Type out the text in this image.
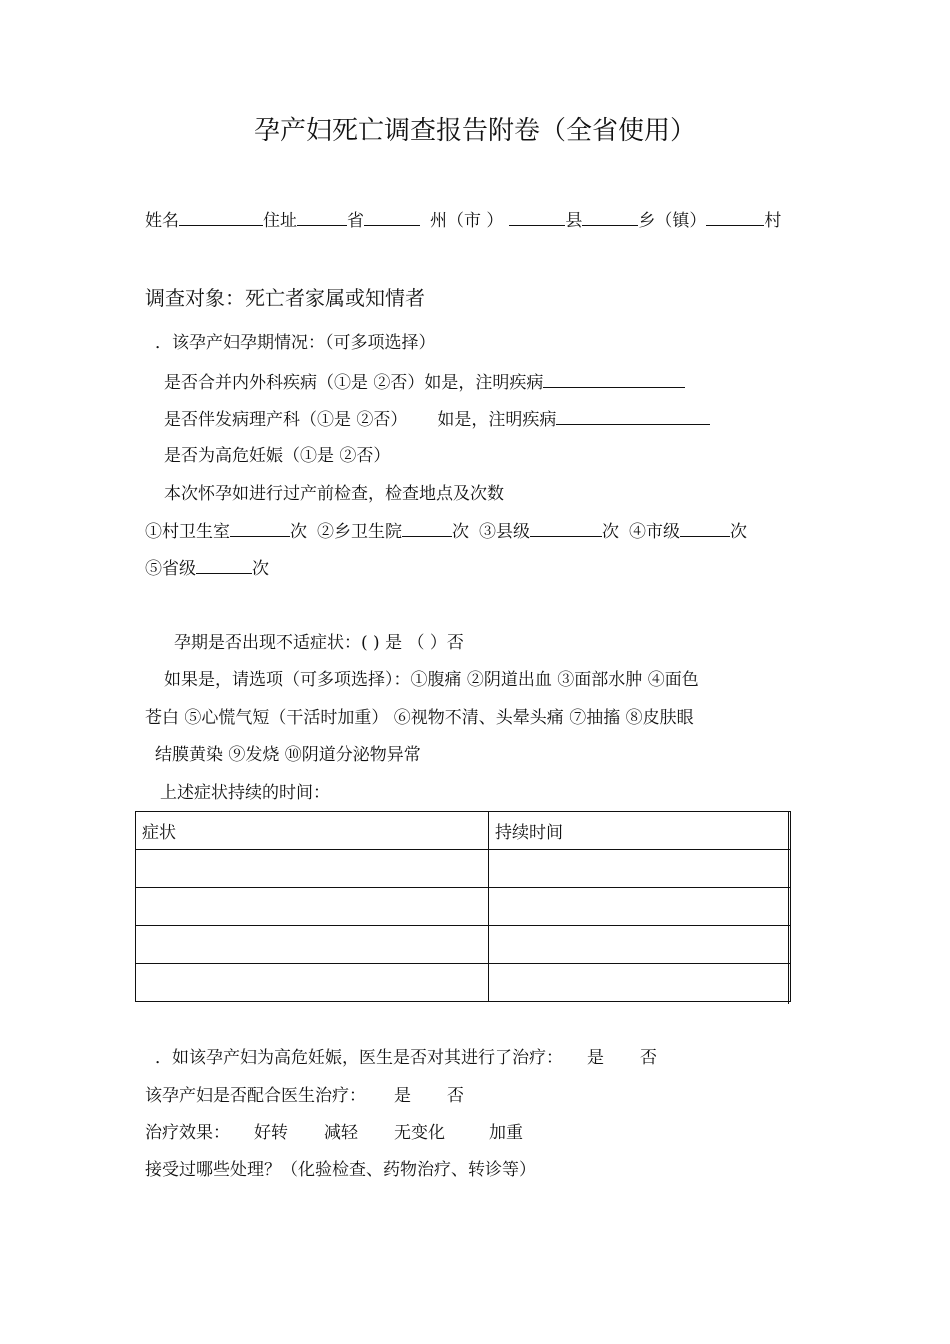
孕产妇死亡调查报告附卷（全省使用）
姓名	住址	省	州（市 ）	县	乡（镇）	村
调查对象：死亡者家属或知情者
．该孕产妇孕期情况：（可多项选择）
是否合并内外科疾病（①是 ②否）如是，注明疾病
是否伴发病理产科（①是 ②否） 如是，注明疾病
是否为高危妊娠（①是 ②否）
本次怀孕如进行过产前检查，检查地点及次数
①村卫生室	次 ②乡卫生院	次 ③县级	次 ④市级	次
⑤省级	次
孕期是否出现不适症状：( ) 是 （ ）否
如果是，请选项（可多项选择）：①腹痛 ②阴道出血 ③面部水肿 ④面色
苍白 ⑤心慌气短（干活时加重） ⑥视物不清、头晕头痛 ⑦抽搐 ⑧皮肤眼
结膜黄染 ⑨发烧 ⑩阴道分泌物异常
上述症状持续的时间：
症状	持续时间

．如该孕产妇为高危妊娠，医生是否对其进行了治疗： 是 否
该孕产妇是否配合医生治疗： 是 否
治疗效果： 好转 减轻 无变化	加重
接受过哪些处理？（化验检查、药物治疗、转诊等）
